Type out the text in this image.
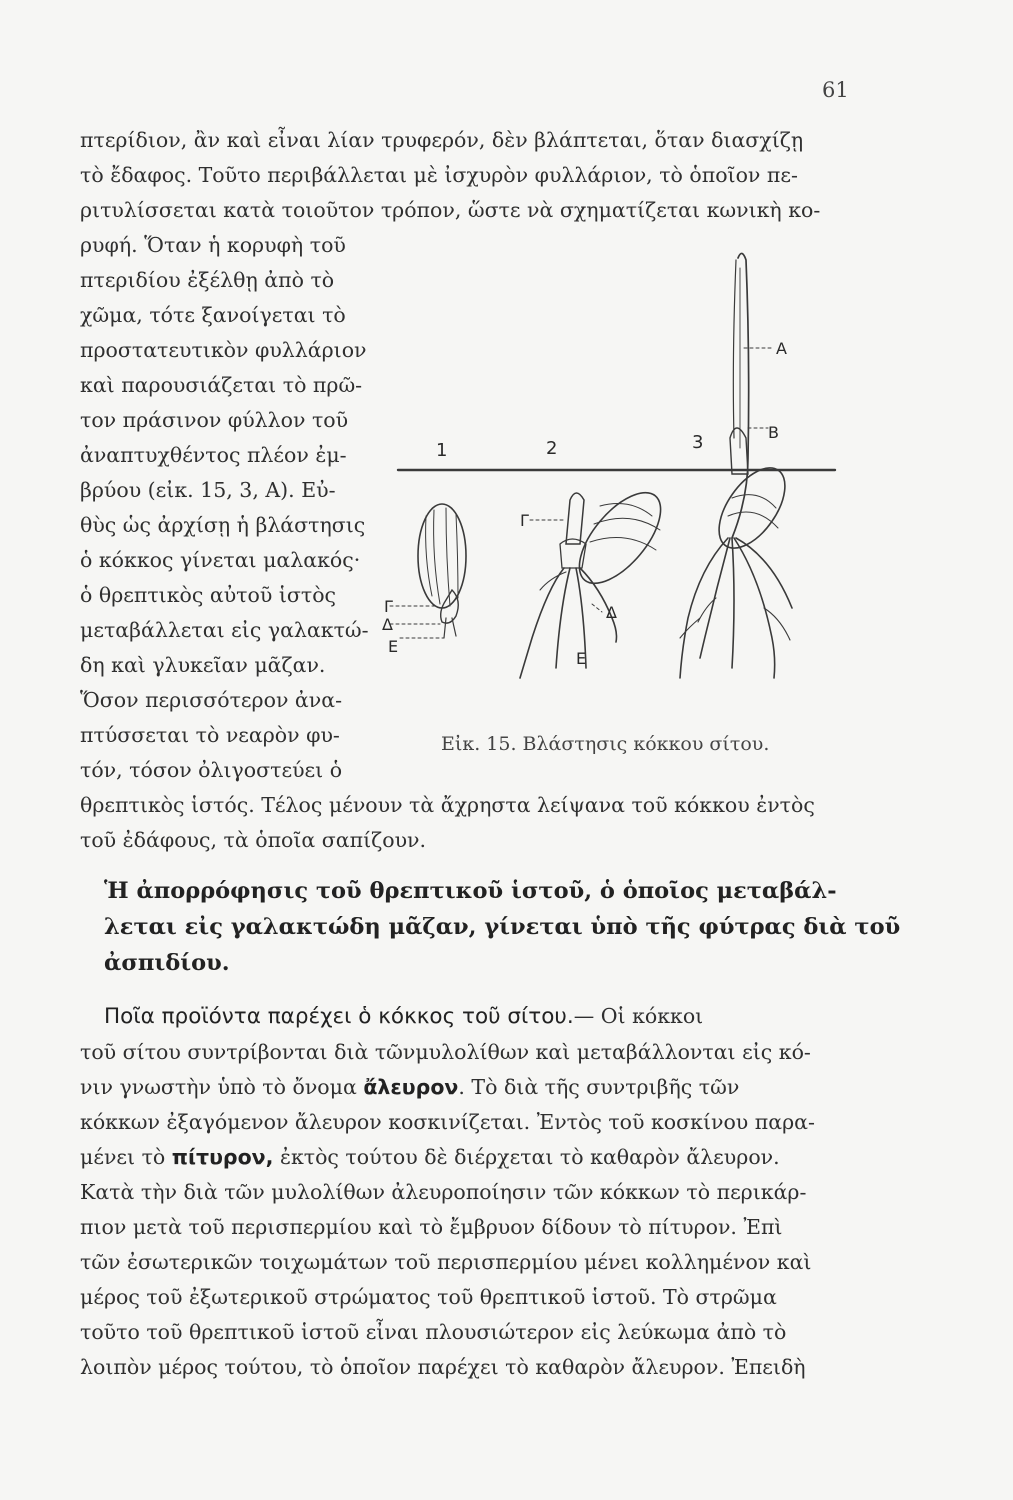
61
πτερίδιον, ἂν καὶ εἶναι λίαν τρυφερόν, δὲν βλάπτεται, ὅταν διασχίζῃ
τὸ ἔδαφος. Τοῦτο περιβάλλεται μὲ ἰσχυρὸν φυλλάριον, τὸ ὁποῖον πε-
ριτυλίσσεται κατὰ τοιοῦτον τρόπον, ὥστε νὰ σχηματίζεται κωνικὴ κο-
ρυφή. Ὅταν ἡ κορυφὴ τοῦ
πτεριδίου ἐξέλθῃ ἀπὸ τὸ
χῶμα, τότε ξανοίγεται τὸ
προστατευτικὸν φυλλάριον
καὶ παρουσιάζεται τὸ πρῶ-
τον πράσινον φύλλον τοῦ
ἀναπτυχθέντος πλέον ἐμ-
βρύου (εἰκ. 15, 3, Α). Εὐ-
θὺς ὡς ἀρχίσῃ ἡ βλάστησις
ὁ κόκκος γίνεται μαλακός·
ὁ θρεπτικὸς αὐτοῦ ἱστὸς
μεταβάλλεται εἰς γαλακτώ-
δη καὶ γλυκεῖαν μᾶζαν.
Ὅσον περισσότερον ἀνα-
πτύσσεται τὸ νεαρὸν φυ-
τόν, τόσον ὀλιγοστεύει ὁ
θρεπτικὸς ἱστός. Τέλος μένουν τὰ ἄχρηστα λείψανα τοῦ κόκκου ἐντὸς
τοῦ ἐδάφους, τὰ ὁποῖα σαπίζουν.
1	2	3
A
B
Γ
Γ
Δ
E
Δ
E
Εἰκ. 15. Βλάστησις κόκκου σίτου.
Ἡ ἀπορρόφησις τοῦ θρεπτικοῦ ἱστοῦ, ὁ ὁποῖος μεταβάλ-
λεται εἰς γαλακτώδη μᾶζαν, γίνεται ὑπὸ τῆς φύτρας διὰ τοῦ
ἀσπιδίου.
Ποῖα προϊόντα παρέχει ὁ κόκκος τοῦ σίτου.— Οἱ κόκκοι
τοῦ σίτου συντρίβονται διὰ τῶνμυλολίθων καὶ μεταβάλλονται εἰς κό-
νιν γνωστὴν ὑπὸ τὸ ὄνομα ἄλευρον. Τὸ διὰ τῆς συντριβῆς τῶν
κόκκων ἐξαγόμενον ἄλευρον κοσκινίζεται. Ἐντὸς τοῦ κοσκίνου παρα-
μένει τὸ πίτυρον, ἐκτὸς τούτου δὲ διέρχεται τὸ καθαρὸν ἄλευρον.
Κατὰ τὴν διὰ τῶν μυλολίθων ἀλευροποίησιν τῶν κόκκων τὸ περικάρ-
πιον μετὰ τοῦ περισπερμίου καὶ τὸ ἔμβρυον δίδουν τὸ πίτυρον. Ἐπὶ
τῶν ἐσωτερικῶν τοιχωμάτων τοῦ περισπερμίου μένει κολλημένον καὶ
μέρος τοῦ ἐξωτερικοῦ στρώματος τοῦ θρεπτικοῦ ἱστοῦ. Τὸ στρῶμα
τοῦτο τοῦ θρεπτικοῦ ἱστοῦ εἶναι πλουσιώτερον εἰς λεύκωμα ἀπὸ τὸ
λοιπὸν μέρος τούτου, τὸ ὁποῖον παρέχει τὸ καθαρὸν ἄλευρον. Ἐπειδὴ
